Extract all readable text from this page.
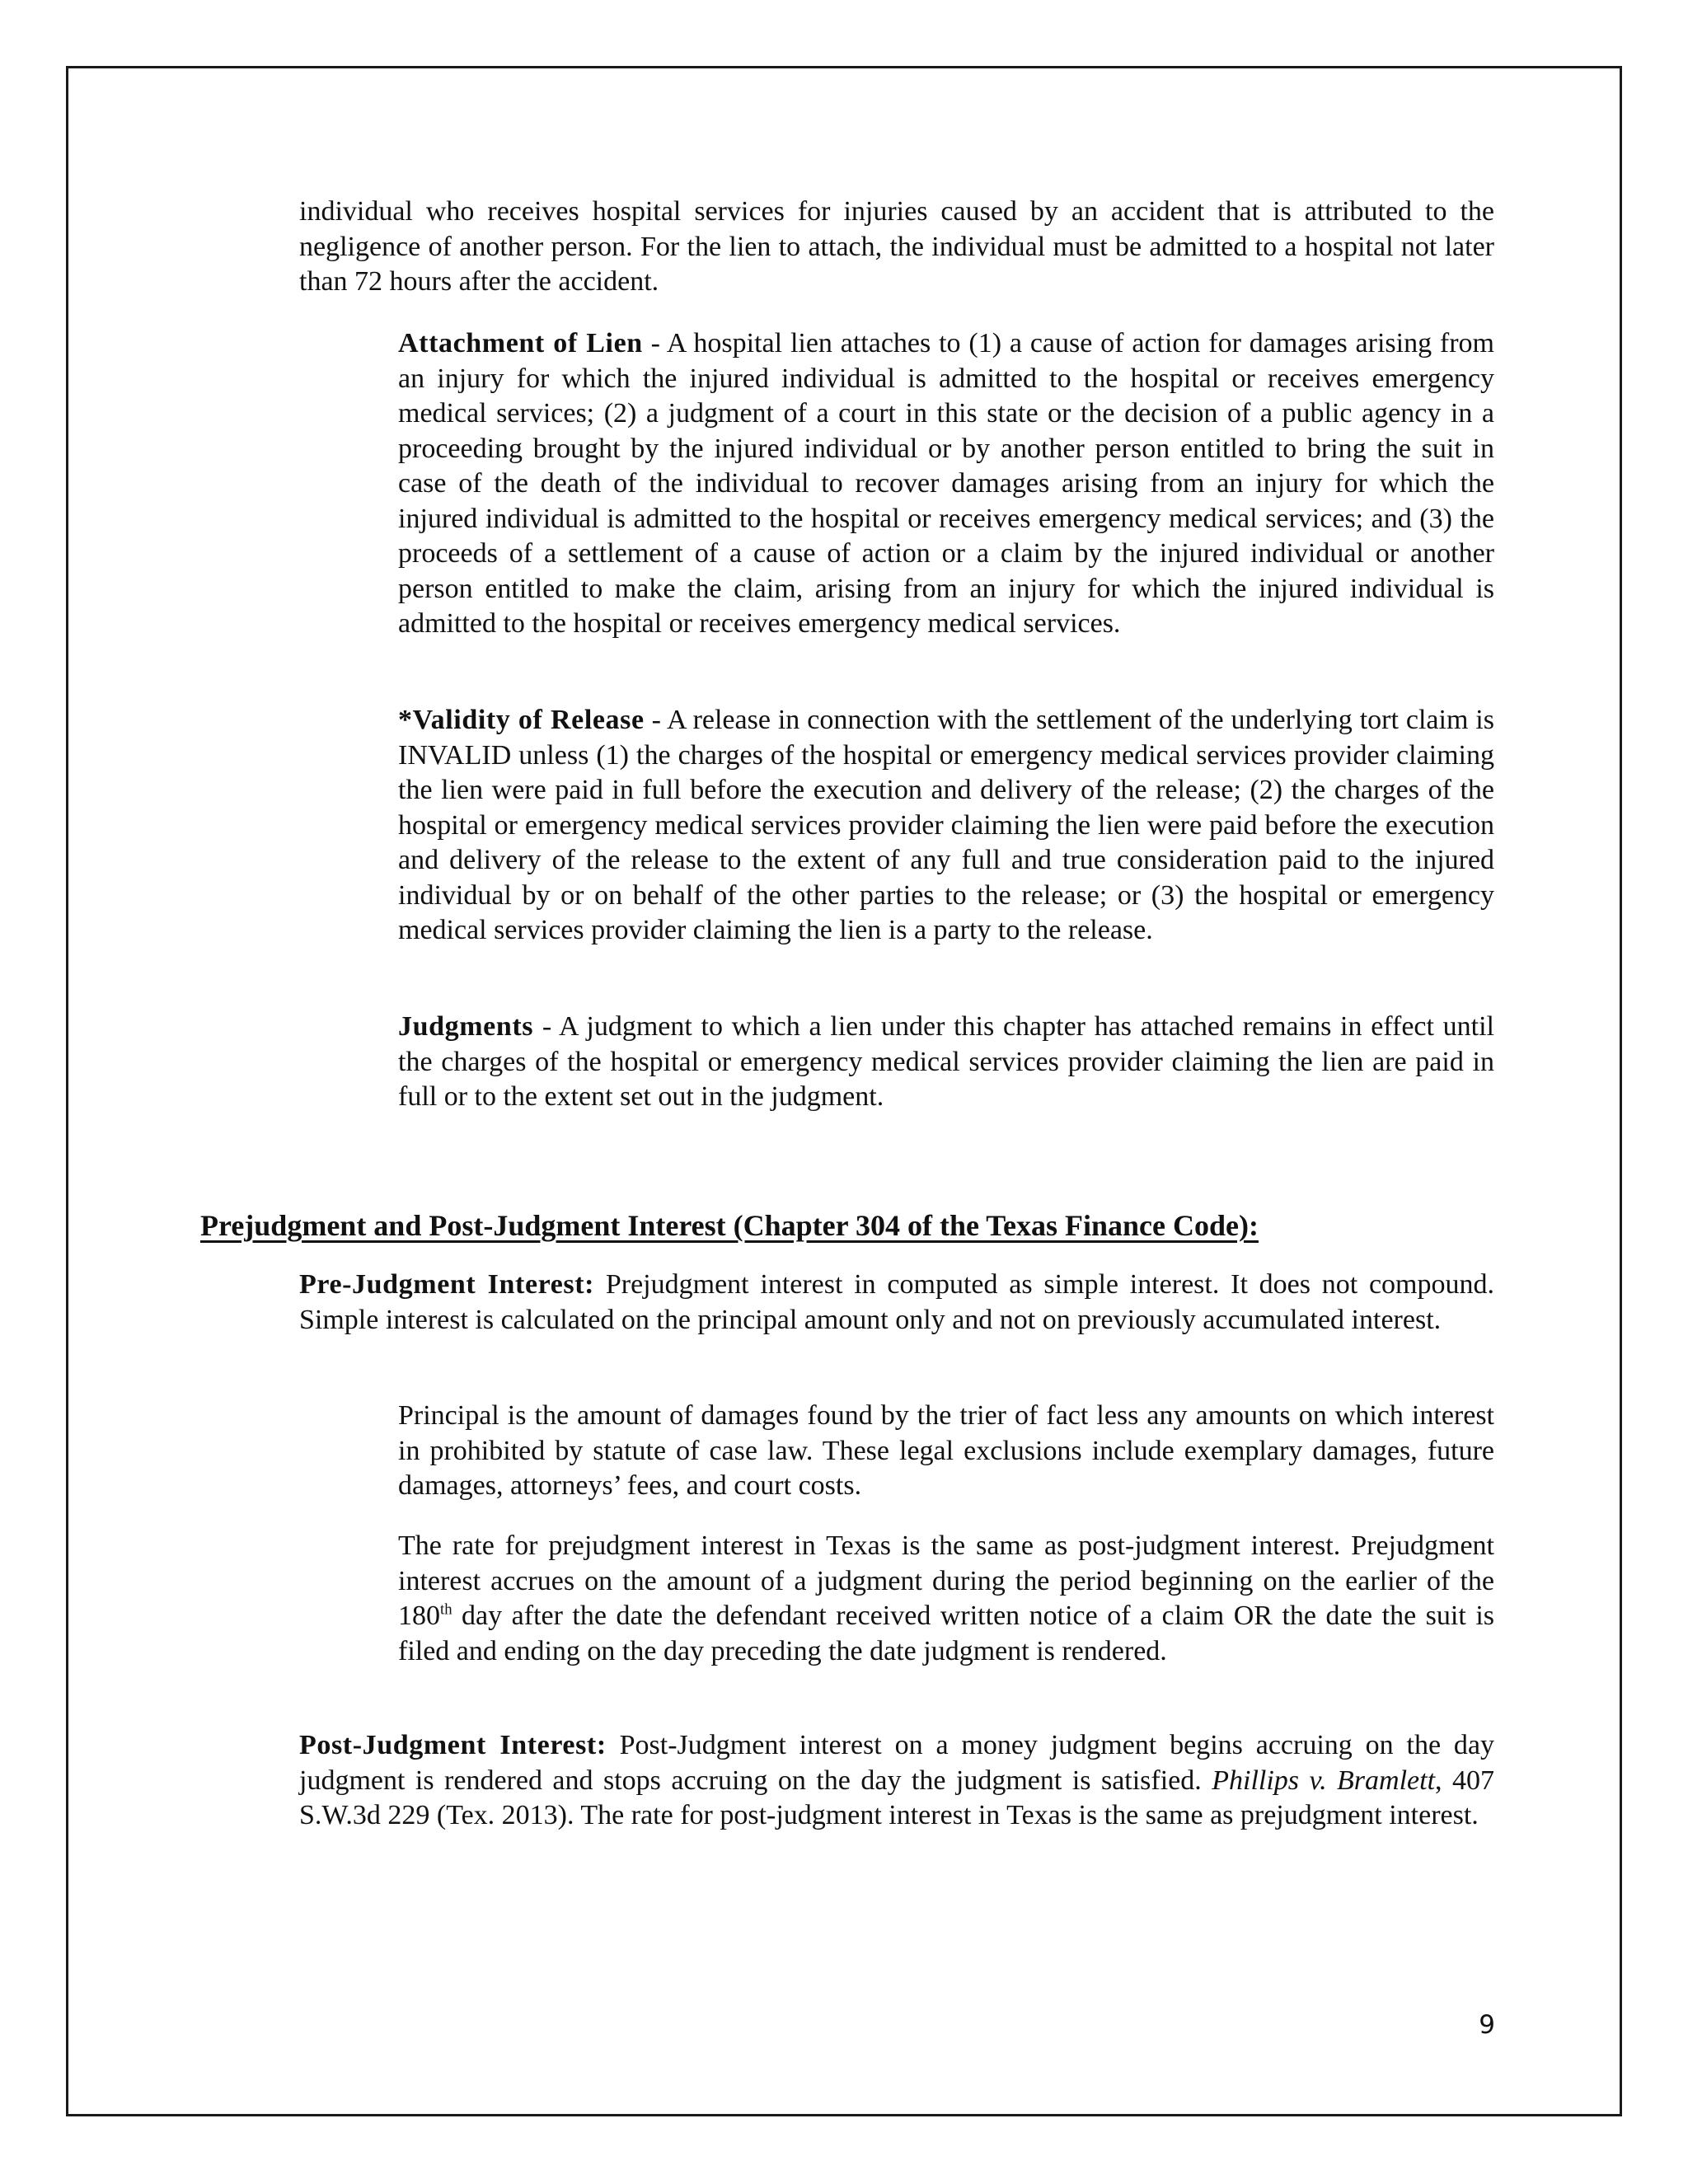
individual who receives hospital services for injuries caused by an accident that is attributed to the negligence of another person. For the lien to attach, the individual must be admitted to a hospital not later than 72 hours after the accident.

Attachment of Lien - A hospital lien attaches to (1) a cause of action for damages arising from an injury for which the injured individual is admitted to the hospital or receives emergency medical services; (2) a judgment of a court in this state or the decision of a public agency in a proceeding brought by the injured individual or by another person entitled to bring the suit in case of the death of the individual to recover damages arising from an injury for which the injured individual is admitted to the hospital or receives emergency medical services; and (3) the proceeds of a settlement of a cause of action or a claim by the injured individual or another person entitled to make the claim, arising from an injury for which the injured individual is admitted to the hospital or receives emergency medical services.

*Validity of Release - A release in connection with the settlement of the underlying tort claim is INVALID unless (1) the charges of the hospital or emergency medical services provider claiming the lien were paid in full before the execution and delivery of the release; (2) the charges of the hospital or emergency medical services provider claiming the lien were paid before the execution and delivery of the release to the extent of any full and true consideration paid to the injured individual by or on behalf of the other parties to the release; or (3) the hospital or emergency medical services provider claiming the lien is a party to the release.

Judgments - A judgment to which a lien under this chapter has attached remains in effect until the charges of the hospital or emergency medical services provider claiming the lien are paid in full or to the extent set out in the judgment.

Prejudgment and Post-Judgment Interest (Chapter 304 of the Texas Finance Code):

Pre-Judgment Interest: Prejudgment interest in computed as simple interest. It does not compound. Simple interest is calculated on the principal amount only and not on previously accumulated interest.

Principal is the amount of damages found by the trier of fact less any amounts on which interest in prohibited by statute of case law. These legal exclusions include exemplary damages, future damages, attorneys’ fees, and court costs.

The rate for prejudgment interest in Texas is the same as post-judgment interest. Prejudgment interest accrues on the amount of a judgment during the period beginning on the earlier of the 180th day after the date the defendant received written notice of a claim OR the date the suit is filed and ending on the day preceding the date judgment is rendered.

Post-Judgment Interest: Post-Judgment interest on a money judgment begins accruing on the day judgment is rendered and stops accruing on the day the judgment is satisfied. Phillips v. Bramlett, 407 S.W.3d 229 (Tex. 2013). The rate for post-judgment interest in Texas is the same as prejudgment interest.

9
